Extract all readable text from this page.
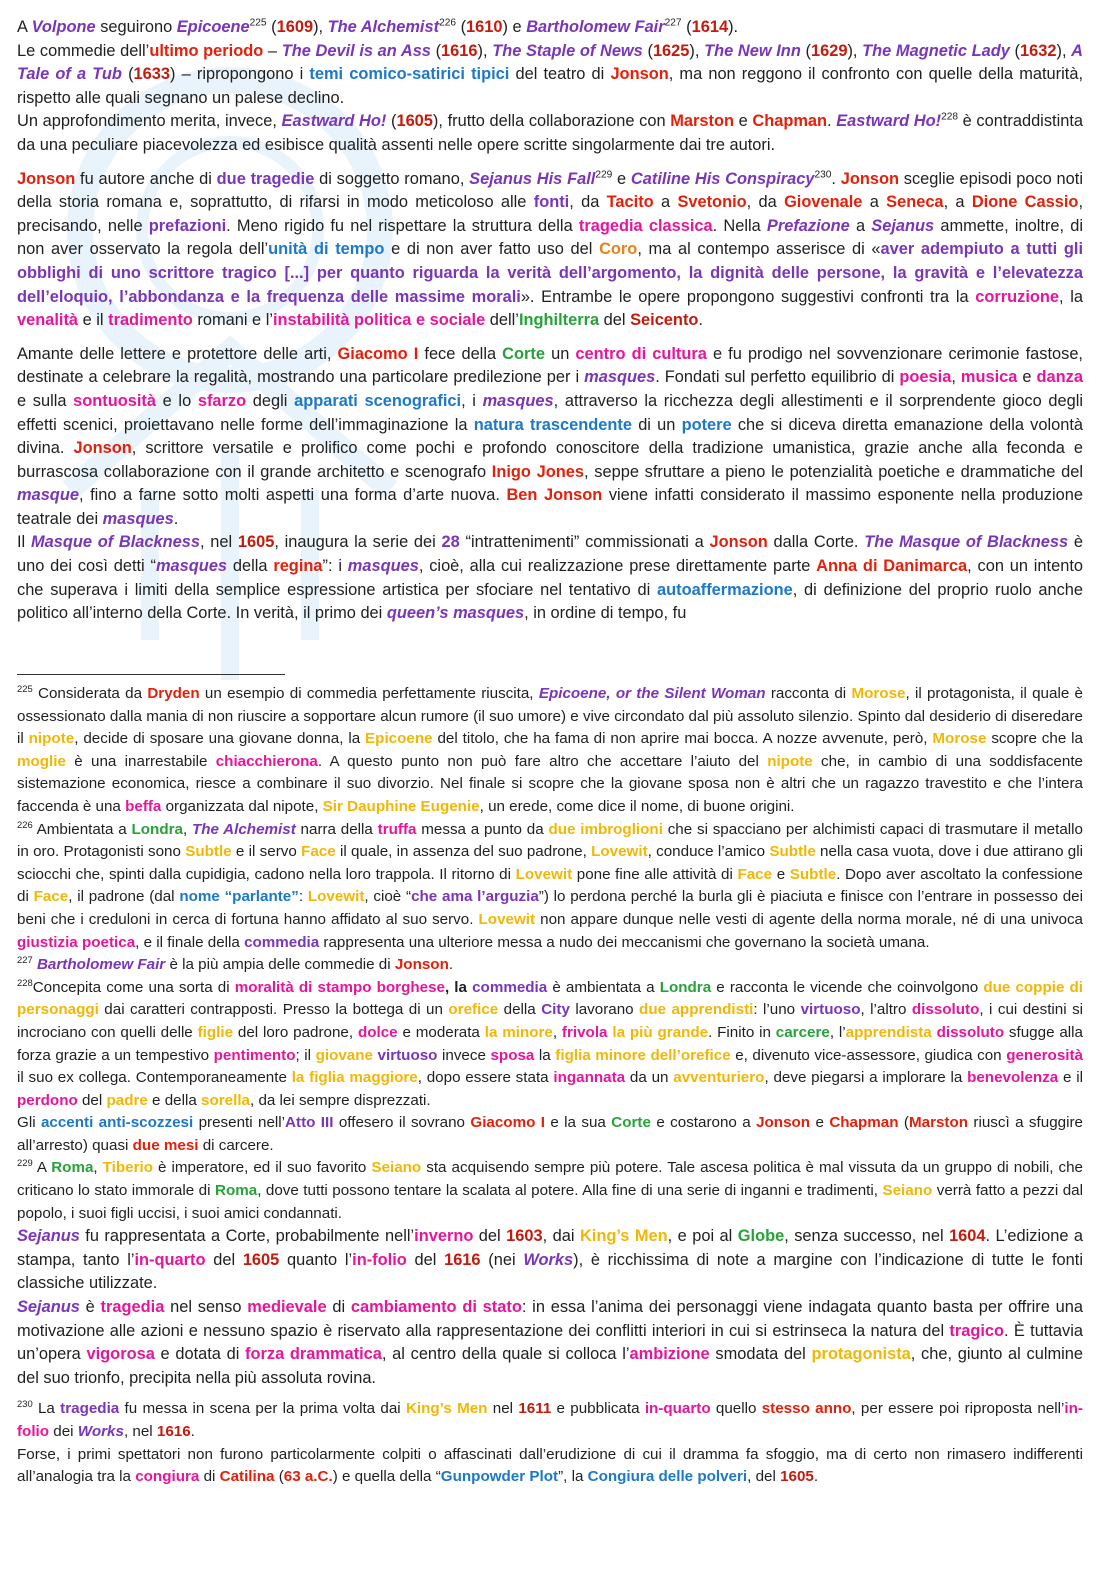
A Volpone seguirono Epicoene$^{225}$ (1609), The Alchemist$^{226}$ (1610) e Bartholomew Fair$^{227}$ (1614).

Le commedie dell’ultimo periodo – The Devil is an Ass (1616), The Staple of News (1625), The New Inn (1629), The Magnetic Lady (1632), A Tale of a Tub (1633) – ripropongono i temi comico-satirici tipici del teatro di Jonson, ma non reggono il confronto con quelle della maturità, rispetto alle quali segnano un palese declino.

Un approfondimento merita, invece, Eastward Ho! (1605), frutto della collaborazione con Marston e Chapman. Eastward Ho!$^{228}$ è contraddistinta da una peculiare piacevolezza ed esibisce qualità assenti nelle opere scritte singolarmente dai tre autori.

Jonson fu autore anche di due tragedie di soggetto romano, Sejanus His Fall$^{229}$ e Catiline His Conspiracy$^{230}$. Jonson sceglie episodi poco noti della storia romana e, soprattutto, di rifarsi in modo meticoloso alle fonti, da Tacito a Svetonio, da Giovenale a Seneca, a Dione Cassio, precisando, nelle prefazioni. Meno rigido fu nel rispettare la struttura della tragedia classica. Nella Prefazione a Sejanus ammette, inoltre, di non aver osservato la regola dell’unità di tempo e di non aver fatto uso del Coro, ma al contempo asserisce di «aver adempiuto a tutti gli obblighi di uno scrittore tragico [...] per quanto riguarda la verità dell’argomento, la dignità delle persone, la gravità e l’elevatezza dell’eloquio, l’abbondanza e la frequenza delle massime morali». Entrambe le opere propongono suggestivi confronti tra la corruzione, la venalità e il tradimento romani e l’instabilità politica e sociale dell’Inghilterra del Seicento.

Amante delle lettere e protettore delle arti, Giacomo I fece della Corte un centro di cultura e fu prodigo nel sovvenzionare cerimonie fastose, destinate a celebrare la regalità, mostrando una particolare predilezione per i masques. Fondati sul perfetto equilibrio di poesia, musica e danza e sulla sontuosità e lo sfarzo degli apparati scenografici, i masques, attraverso la ricchezza degli allestimenti e il sorprendente gioco degli effetti scenici, proiettavano nelle forme dell’immaginazione la natura trascendente di un potere che si diceva diretta emanazione della volontà divina. Jonson, scrittore versatile e prolifico come pochi e profondo conoscitore della tradizione umanistica, grazie anche alla feconda e burrascosa collaborazione con il grande architetto e scenografo Inigo Jones, seppe sfruttare a pieno le potenzialità poetiche e drammatiche del masque, fino a farne sotto molti aspetti una forma d’arte nuova. Ben Jonson viene infatti considerato il massimo esponente nella produzione teatrale dei masques.

Il Masque of Blackness, nel 1605, inaugura la serie dei 28 “intrattenimenti” commissionati a Jonson dalla Corte. The Masque of Blackness è uno dei così detti “masques della regina”: i masques, cioè, alla cui realizzazione prese direttamente parte Anna di Danimarca, con un intento che superava i limiti della semplice espressione artistica per sfociare nel tentativo di autoaffermazione, di definizione del proprio ruolo anche politico all’interno della Corte. In verità, il primo dei queen’s masques, in ordine di tempo, fu

$^{225}$ Considerata da Dryden un esempio di commedia perfettamente riuscita, Epicoene, or the Silent Woman racconta di Morose, il protagonista, il quale è ossessionato dalla mania di non riuscire a sopportare alcun rumore (il suo umore) e vive circondato dal più assoluto silenzio. Spinto dal desiderio di diseredare il nipote, decide di sposare una giovane donna, la Epicoene del titolo, che ha fama di non aprire mai bocca. A nozze avvenute, però, Morose scopre che la moglie è una inarrestabile chiacchierona. A questo punto non può fare altro che accettare l’aiuto del nipote che, in cambio di una soddisfacente sistemazione economica, riesce a combinare il suo divorzio. Nel finale si scopre che la giovane sposa non è altri che un ragazzo travestito e che l’intera faccenda è una beffa organizzata dal nipote, Sir Dauphine Eugenie, un erede, come dice il nome, di buone origini.

$^{226}$ Ambientata a Londra, The Alchemist narra della truffa messa a punto da due imbroglioni che si spacciano per alchimisti capaci di trasmutare il metallo in oro. Protagonisti sono Subtle e il servo Face il quale, in assenza del suo padrone, Lovewit, conduce l’amico Subtle nella casa vuota, dove i due attirano gli sciocchi che, spinti dalla cupidigia, cadono nella loro trappola. Il ritorno di Lovewit pone fine alle attività di Face e Subtle. Dopo aver ascoltato la confessione di Face, il padrone (dal nome “parlante”: Lovewit, cioè “che ama l’arguzia”) lo perdona perché la burla gli è piaciuta e finisce con l’entrare in possesso dei beni che i creduloni in cerca di fortuna hanno affidato al suo servo. Lovewit non appare dunque nelle vesti di agente della norma morale, né di una univoca giustizia poetica, e il finale della commedia rappresenta una ulteriore messa a nudo dei meccanismi che governano la società umana.

$^{227}$ Bartholomew Fair è la più ampia delle commedie di Jonson.

$^{228}$Concepita come una sorta di moralità di stampo borghese, la commedia è ambientata a Londra e racconta le vicende che coinvolgono due coppie di personaggi dai caratteri contrapposti. Presso la bottega di un orefice della City lavorano due apprendisti: l’uno virtuoso, l’altro dissoluto, i cui destini si incrociano con quelli delle figlie del loro padrone, dolce e moderata la minore, frivola la più grande. Finito in carcere, l’apprendista dissoluto sfugge alla forza grazie a un tempestivo pentimento; il giovane virtuoso invece sposa la figlia minore dell’orefice e, divenuto vice-assessore, giudica con generosità il suo ex collega. Contemporaneamente la figlia maggiore, dopo essere stata ingannata da un avventuriero, deve piegarsi a implorare la benevolenza e il perdono del padre e della sorella, da lei sempre disprezzati.

Gli accenti anti-scozzesi presenti nell’Atto III offesero il sovrano Giacomo I e la sua Corte e costarono a Jonson e Chapman (Marston riuscì a sfuggire all’arresto) quasi due mesi di carcere.

$^{229}$ A Roma, Tiberio è imperatore, ed il suo favorito Seiano sta acquisendo sempre più potere. Tale ascesa politica è mal vissuta da un gruppo di nobili, che criticano lo stato immorale di Roma, dove tutti possono tentare la scalata al potere. Alla fine di una serie di inganni e tradimenti, Seiano verrà fatto a pezzi dal popolo, i suoi figli uccisi, i suoi amici condannati.

Sejanus fu rappresentata a Corte, probabilmente nell’inverno del 1603, dai King’s Men, e poi al Globe, senza successo, nel 1604. L’edizione a stampa, tanto l’in-quarto del 1605 quanto l’in-folio del 1616 (nei Works), è ricchissima di note a margine con l’indicazione di tutte le fonti classiche utilizzate.

Sejanus è tragedia nel senso medievale di cambiamento di stato: in essa l’anima dei personaggi viene indagata quanto basta per offrire una motivazione alle azioni e nessuno spazio è riservato alla rappresentazione dei conflitti interiori in cui si estrinseca la natura del tragico. È tuttavia un’opera vigorosa e dotata di forza drammatica, al centro della quale si colloca l’ambizione smodata del protagonista, che, giunto al culmine del suo trionfo, precipita nella più assoluta rovina.

$^{230}$ La tragedia fu messa in scena per la prima volta dai King’s Men nel 1611 e pubblicata in-quarto quello stesso anno, per essere poi riproposta nell’in-folio dei Works, nel 1616.

Forse, i primi spettatori non furono particolarmente colpiti o affascinati dall’erudizione di cui il dramma fa sfoggio, ma di certo non rimasero indifferenti all’analogia tra la congiura di Catilina (63 a.C.) e quella della “Gunpowder Plot”, la Congiura delle polveri, del 1605.
